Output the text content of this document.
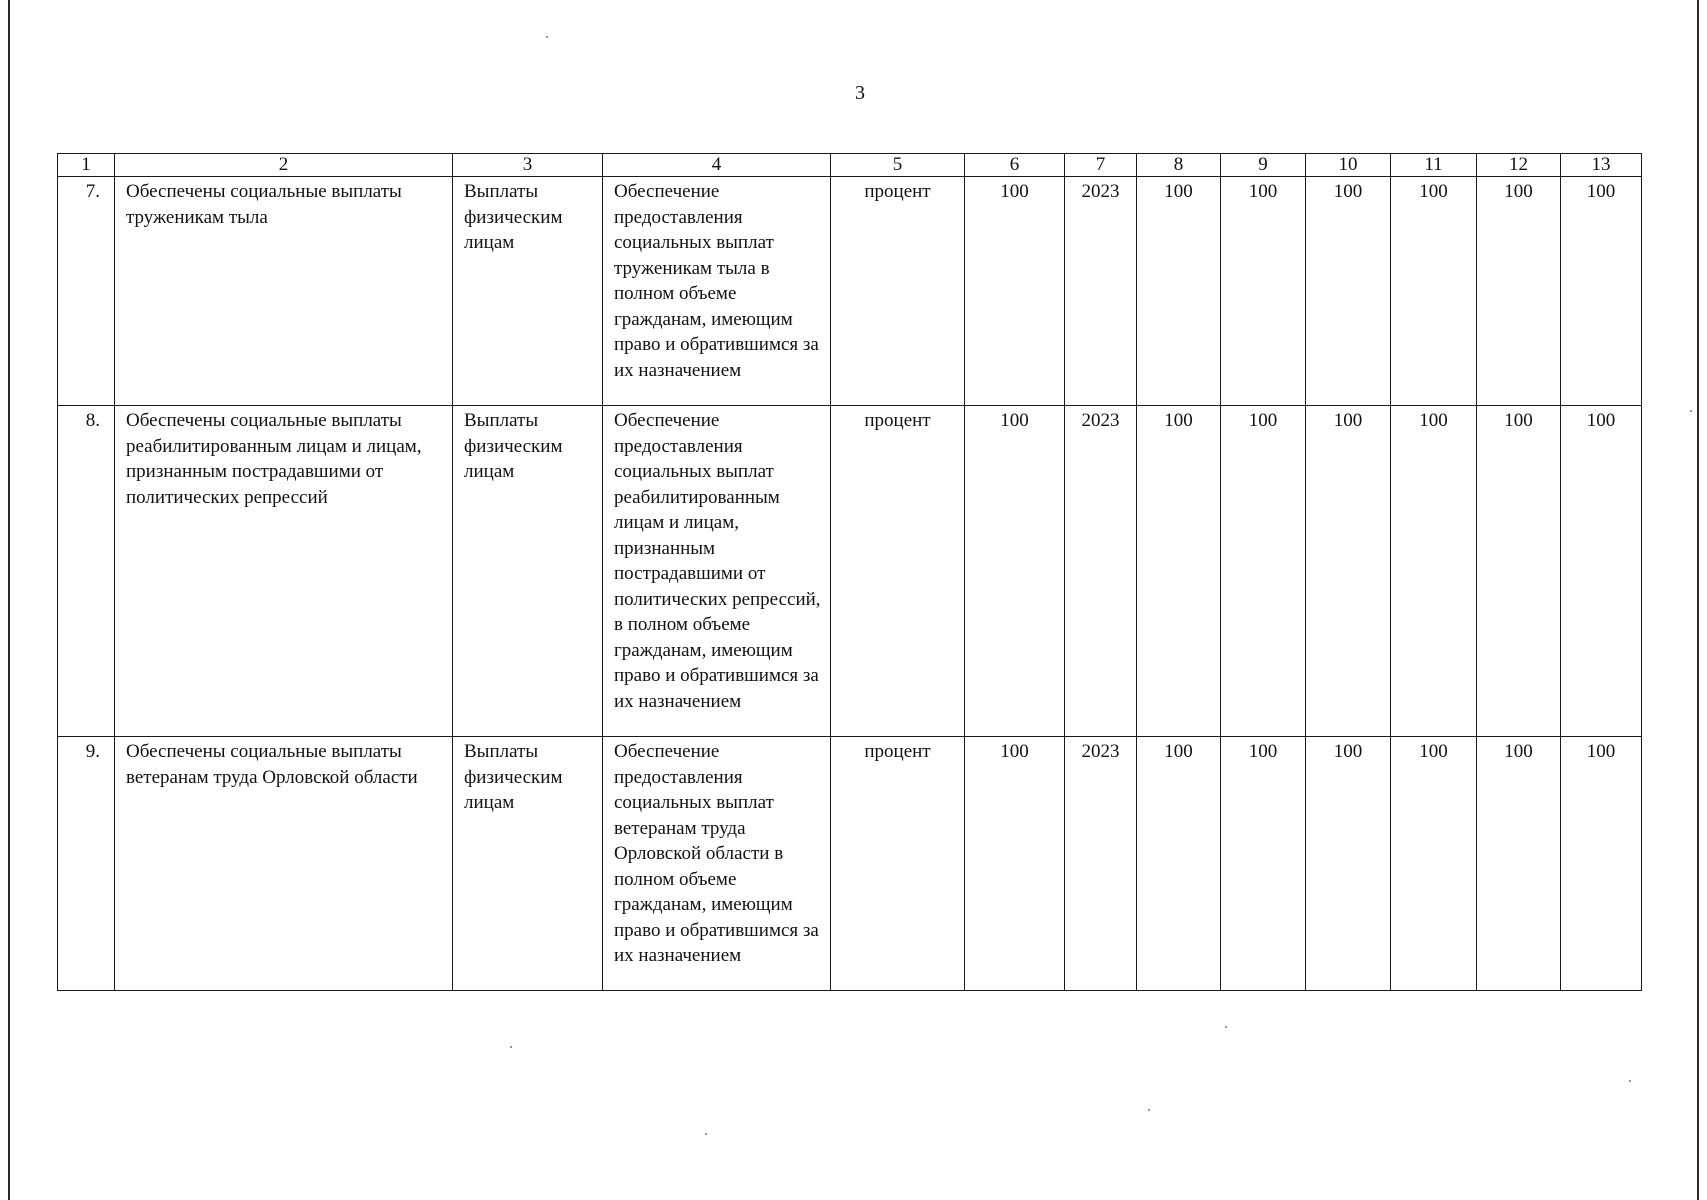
3
1	2	3	4	5	6	7	8	9	10	11	12	13
7.	Обеспечены социальные выплаты труженикам тыла	Выплаты физическим лицам	Обеспечение предоставления социальных выплат труженикам тыла в полном объеме гражданам, имеющим право и обратившимся за их назначением	процент	100	2023	100	100	100	100	100	100
8.	Обеспечены социальные выплаты реабилитированным лицам и лицам, признанным пострадавшими от политических репрессий	Выплаты физическим лицам	Обеспечение предоставления социальных выплат реабилитированным лицам и лицам, признанным пострадавшими от политических репрессий, в полном объеме гражданам, имеющим право и обратившимся за их назначением	процент	100	2023	100	100	100	100	100	100
9.	Обеспечены социальные выплаты ветеранам труда Орловской области	Выплаты физическим лицам	Обеспечение предоставления социальных выплат ветеранам труда Орловской области в полном объеме гражданам, имеющим право и обратившимся за их назначением	процент	100	2023	100	100	100	100	100	100
